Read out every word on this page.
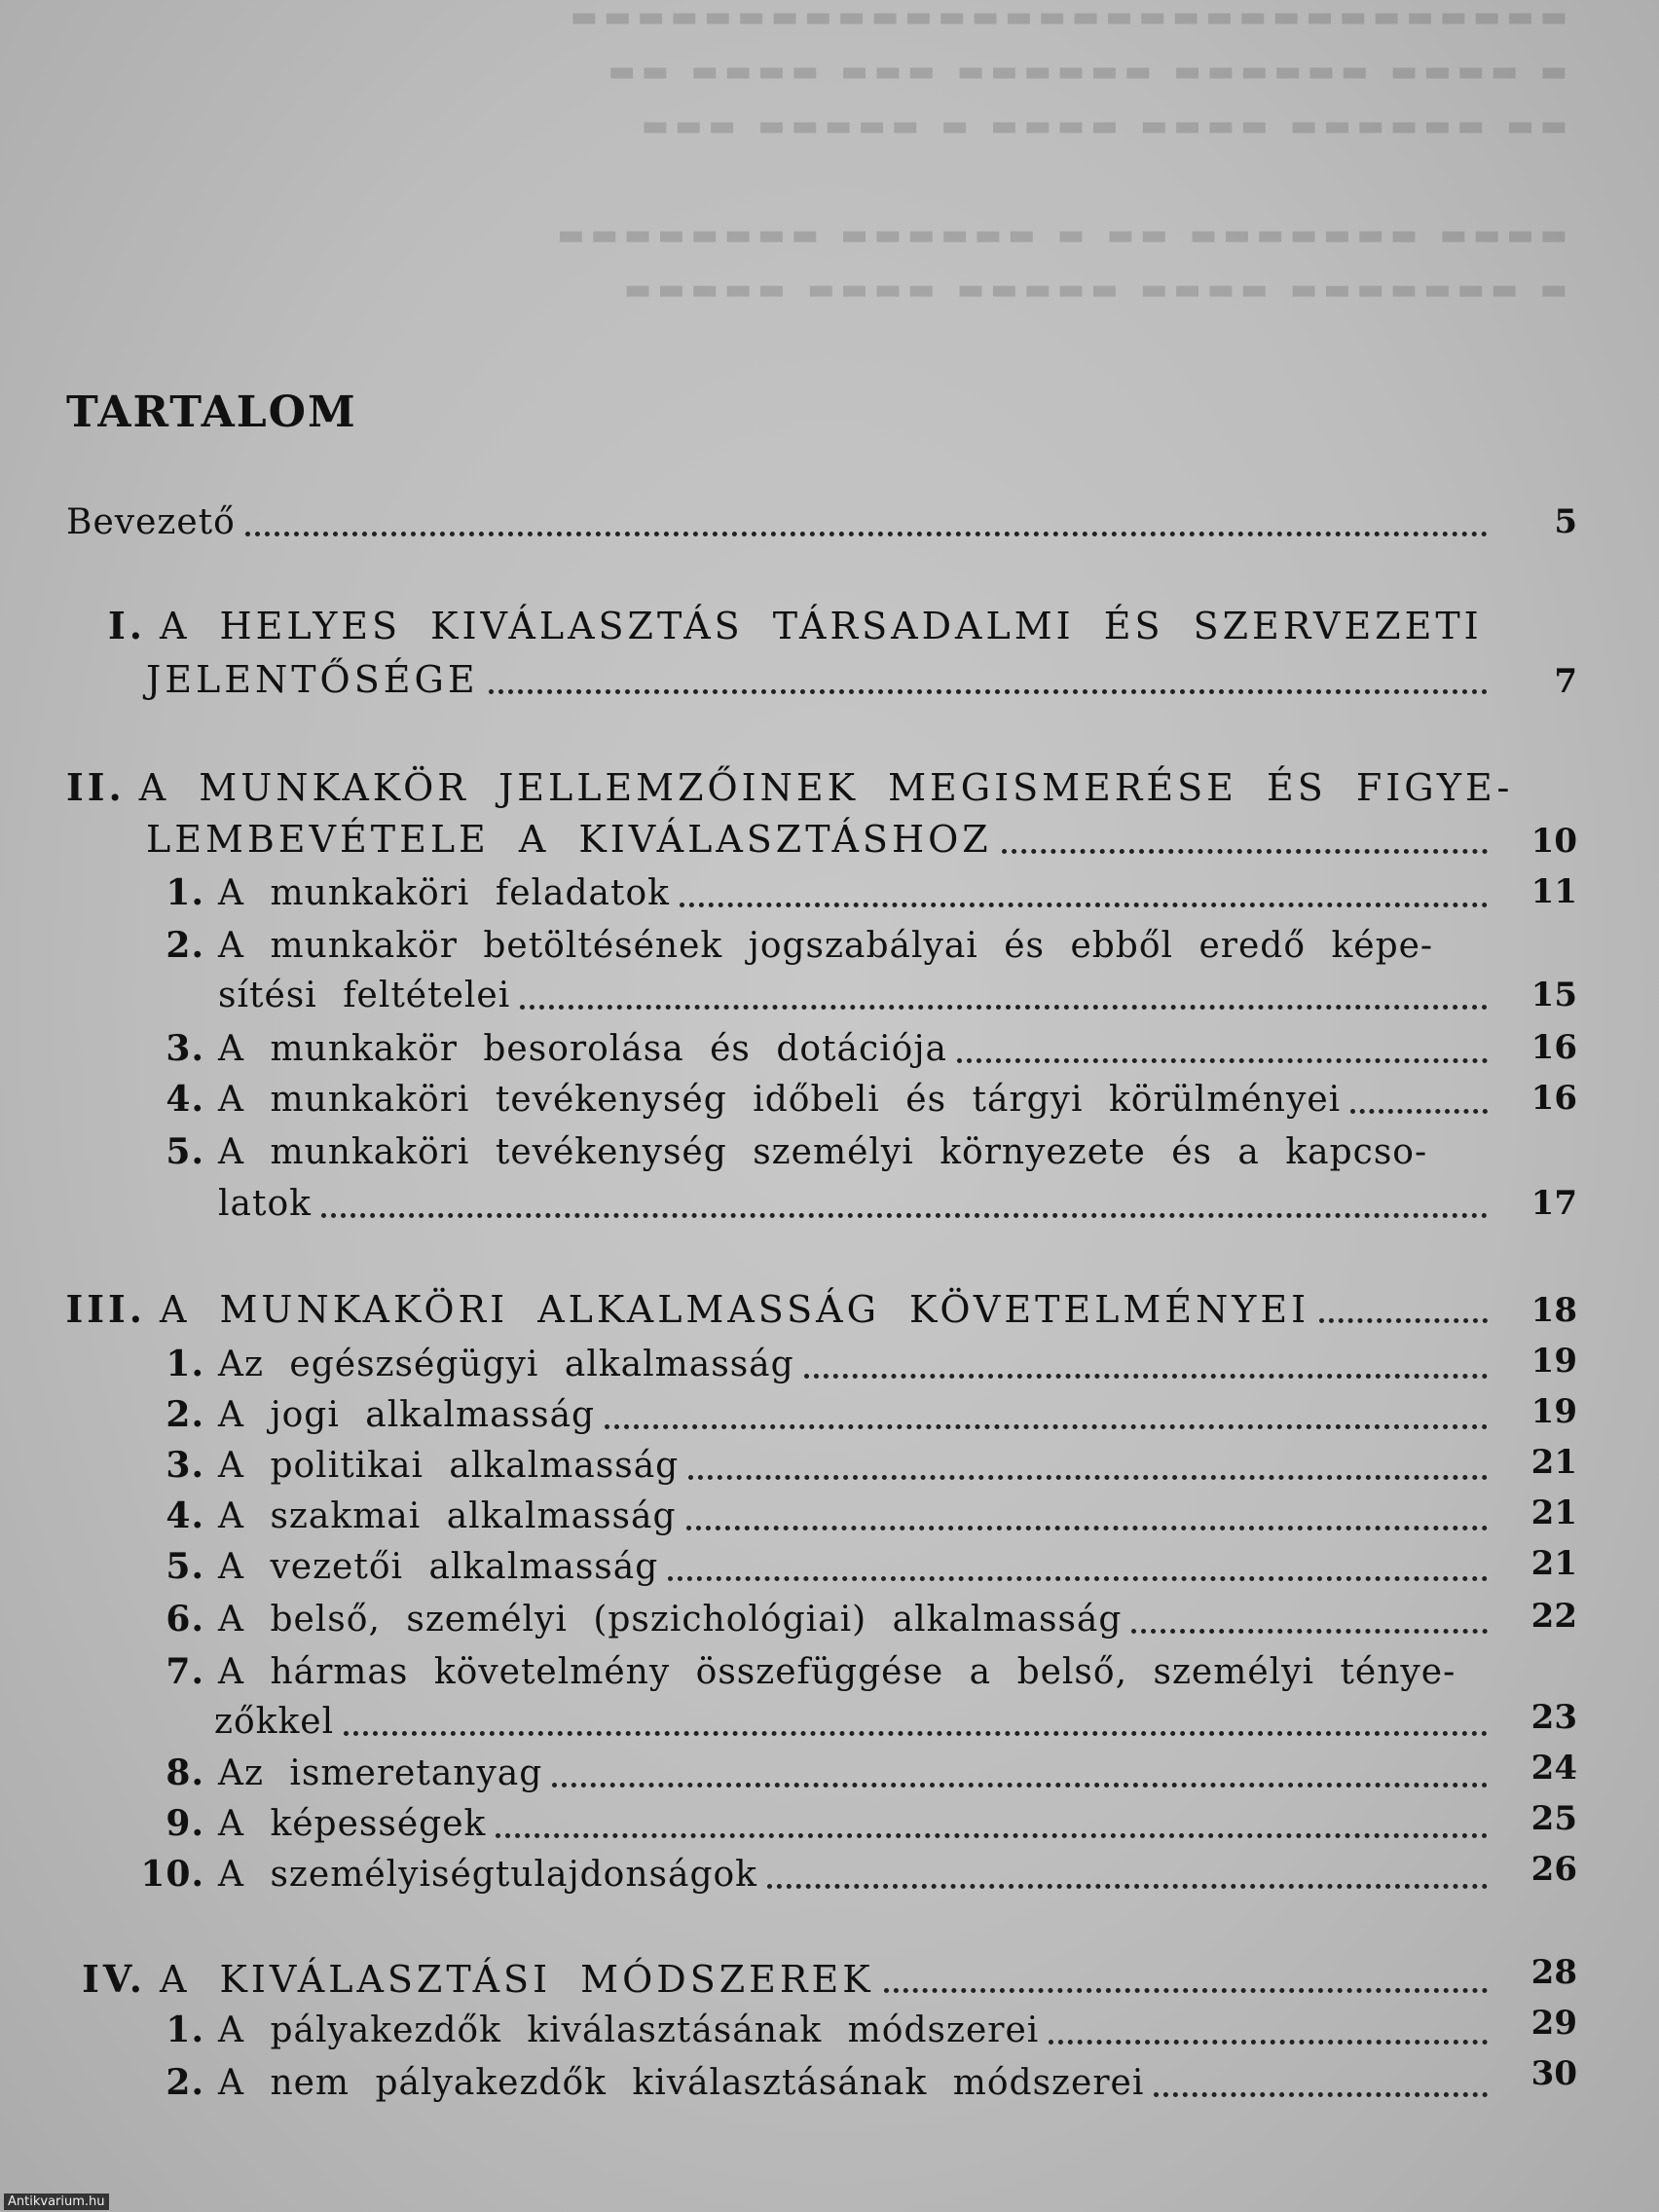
▬▬▬▬▬▬▬▬▬▬▬▬▬▬▬▬▬▬▬▬▬▬▬▬▬▬▬▬▬▬
▬ ▬▬▬▬ ▬▬▬▬▬▬ ▬▬▬▬▬▬ ▬▬▬ ▬▬▬▬ ▬▬
▬▬ ▬▬▬▬▬▬ ▬▬▬▬ ▬▬▬▬ ▬ ▬▬▬▬▬ ▬▬▬

▬▬▬▬ ▬▬▬▬▬▬▬ ▬▬ ▬ ▬▬▬▬▬▬ ▬▬▬▬▬▬▬▬
▬ ▬▬▬▬▬▬▬ ▬▬▬▬ ▬▬▬▬▬ ▬▬▬▬ ▬▬▬▬▬
TARTALOM
Bevezető	5
I. A HELYES KIVÁLASZTÁS TÁRSADALMI ÉS SZERVEZETI
JELENTŐSÉGE	7
II. A MUNKAKÖR JELLEMZŐINEK MEGISMERÉSE ÉS FIGYE-
LEMBEVÉTELE A KIVÁLASZTÁSHOZ	10
1. A munkaköri feladatok	11
2. A munkakör betöltésének jogszabályai és ebből eredő képe-
sítési feltételei	15
3. A munkakör besorolása és dotációja	16
4. A munkaköri tevékenység időbeli és tárgyi körülményei	16
5. A munkaköri tevékenység személyi környezete és a kapcso-
latok	17
III. A MUNKAKÖRI ALKALMASSÁG KÖVETELMÉNYEI	18
1. Az egészségügyi alkalmasság	19
2. A jogi alkalmasság	19
3. A politikai alkalmasság	21
4. A szakmai alkalmasság	21
5. A vezetői alkalmasság	21
6. A belső, személyi (pszichológiai) alkalmasság	22
7. A hármas követelmény összefüggése a belső, személyi ténye-
zőkkel	23
8. Az ismeretanyag	24
9. A képességek	25
10. A személyiségtulajdonságok	26
IV. A KIVÁLASZTÁSI MÓDSZEREK	28
1. A pályakezdők kiválasztásának módszerei	29
2. A nem pályakezdők kiválasztásának módszerei	30
Antikvarium.hu
